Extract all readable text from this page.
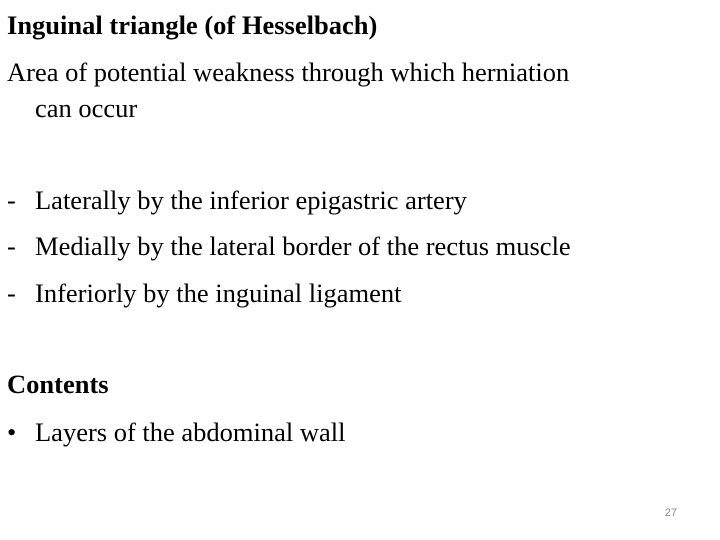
Inguinal triangle (of Hesselbach)
Area of potential weakness through which herniation
can occur
- Laterally by the inferior epigastric artery
- Medially by the lateral border of the rectus muscle
- Inferiorly by the inguinal ligament
Contents
• Layers of the abdominal wall
27
